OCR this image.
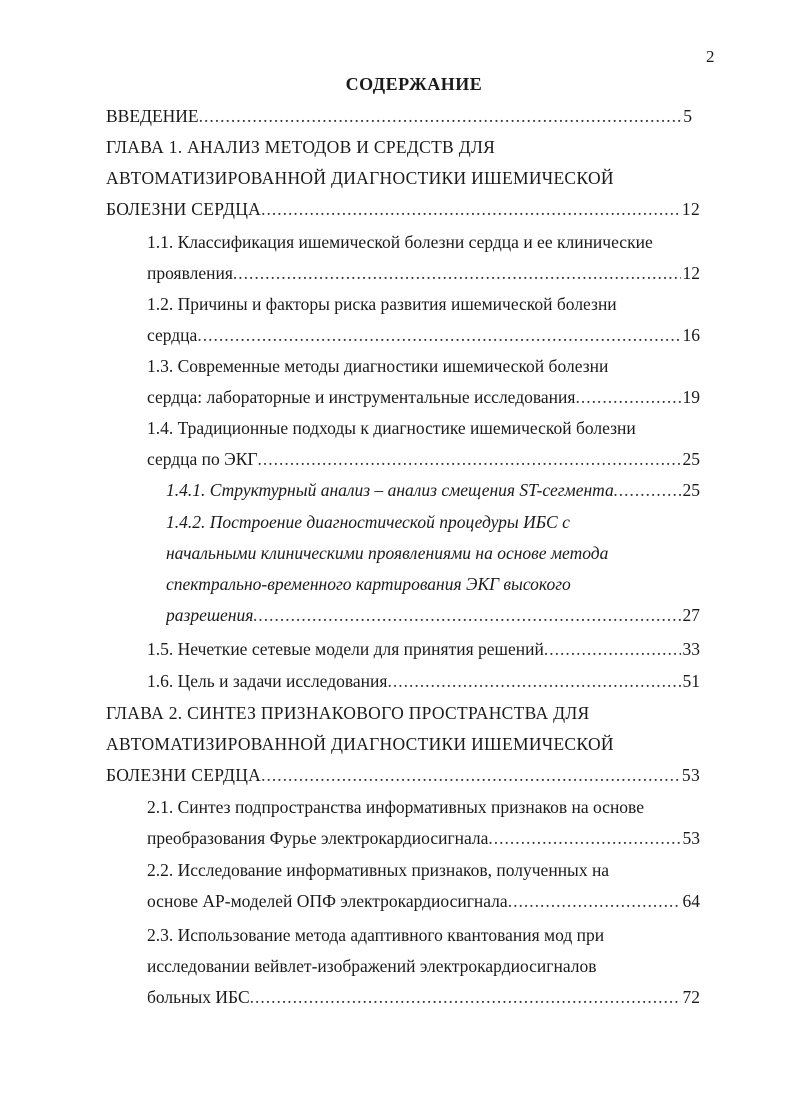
2
СОДЕРЖАНИЕ
ВВЕДЕНИЕ .....	5
ГЛАВА 1. АНАЛИЗ МЕТОДОВ И СРЕДСТВ ДЛЯ
АВТОМАТИЗИРОВАННОЙ ДИАГНОСТИКИ ИШЕМИЧЕСКОЙ
БОЛЕЗНИ СЕРДЦА .....	12
1.1. Классификация ишемической болезни сердца и ее клинические
проявления .....	12
1.2. Причины и факторы риска развития ишемической болезни
сердца .....	16
1.3. Современные методы диагностики ишемической болезни
сердца: лабораторные и инструментальные исследования .....	19
1.4. Традиционные подходы к диагностике ишемической болезни
сердца по ЭКГ .....	25
1.4.1. Структурный анализ – анализ смещения ST-сегмента .....	25
1.4.2. Построение диагностической процедуры ИБС с
начальными клиническими проявлениями на основе метода
спектрально-временного картирования ЭКГ высокого
разрешения .....	27
1.5. Нечеткие сетевые модели для принятия решений .....	33
1.6. Цель и задачи исследования .....	51
ГЛАВА 2. СИНТЕЗ ПРИЗНАКОВОГО ПРОСТРАНСТВА ДЛЯ
АВТОМАТИЗИРОВАННОЙ ДИАГНОСТИКИ ИШЕМИЧЕСКОЙ
БОЛЕЗНИ СЕРДЦА .....	53
2.1. Синтез подпространства информативных признаков на основе
преобразования Фурье электрокардиосигнала .....	53
2.2. Исследование информативных признаков, полученных на
основе АР-моделей ОПФ электрокардиосигнала .....	64
2.3. Использование метода адаптивного квантования мод при
исследовании вейвлет-изображений электрокардиосигналов
больных ИБС .....	72
